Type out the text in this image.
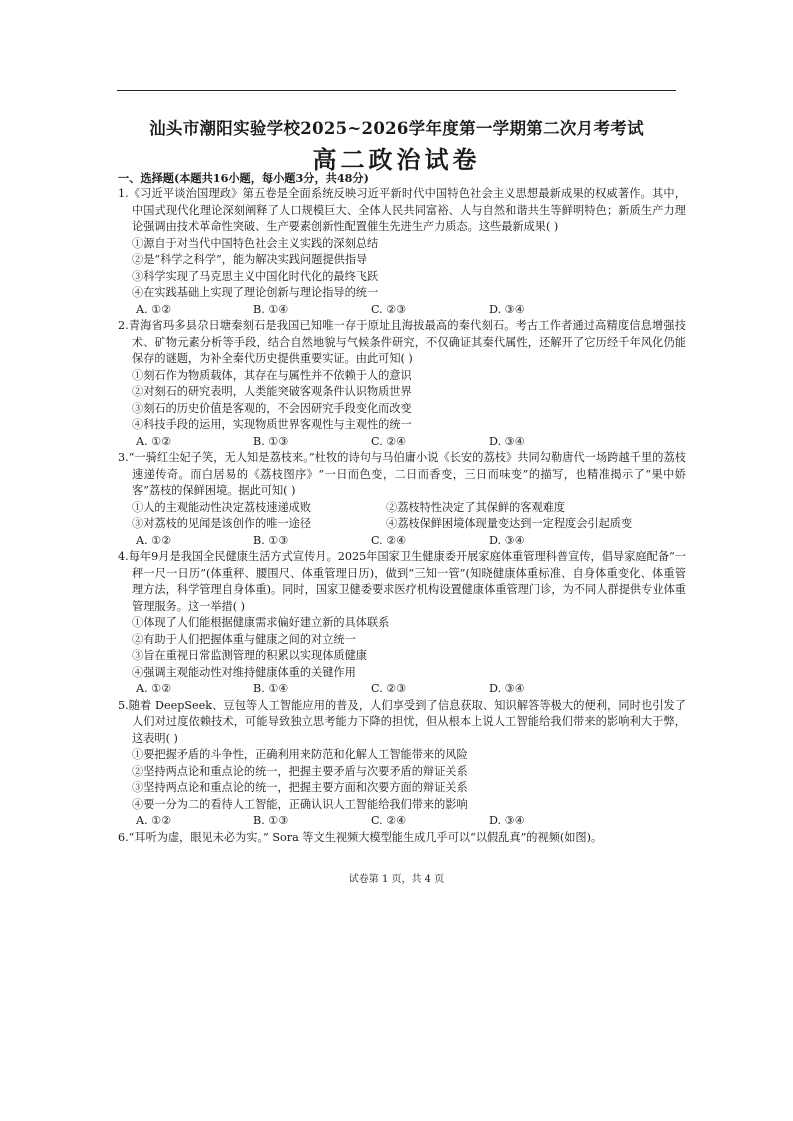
汕头市潮阳实验学校2025~2026学年度第一学期第二次月考考试
高二政治试卷
一、选择题(本题共16小题，每小题3分，共48分)
1.《习近平谈治国理政》第五卷是全面系统反映习近平新时代中国特色社会主义思想最新成果的权威著作。其中，中国式现代化理论深刻阐释了人口规模巨大、全体人民共同富裕、人与自然和谐共生等鲜明特色；新质生产力理论强调由技术革命性突破、生产要素创新性配置催生先进生产力质态。这些最新成果( )
①源自于对当代中国特色社会主义实践的深刻总结
②是“科学之科学”，能为解决实践问题提供指导
③科学实现了马克思主义中国化时代化的最终飞跃
④在实践基础上实现了理论创新与理论指导的统一
A. ①②	B. ①④	C. ②③	D. ③④
2.青海省玛多县尕日塘秦刻石是我国已知唯一存于原址且海拔最高的秦代刻石。考古工作者通过高精度信息增强技术、矿物元素分析等手段，结合自然地貌与气候条件研究，不仅确证其秦代属性，还解开了它历经千年风化仍能保存的谜题，为补全秦代历史提供重要实证。由此可知( )
①刻石作为物质载体，其存在与属性并不依赖于人的意识
②对刻石的研究表明，人类能突破客观条件认识物质世界
③刻石的历史价值是客观的，不会因研究手段变化而改变
④科技手段的运用，实现物质世界客观性与主观性的统一
A. ①②	B. ①③	C. ②④	D. ③④
3.“一骑红尘妃子笑，无人知是荔枝来。”杜牧的诗句与马伯庸小说《长安的荔枝》共同勾勒唐代一场跨越千里的荔枝速递传奇。而白居易的《荔枝图序》“一日而色变，二日而香变，三日而味变”的描写，也精准揭示了“果中娇客”荔枝的保鲜困境。据此可知( )
①人的主观能动性决定荔枝速递成败	②荔枝特性决定了其保鲜的客观难度
③对荔枝的见闻是该创作的唯一途径	④荔枝保鲜困境体现量变达到一定程度会引起质变
A. ①②	B. ①③	C. ②④	D. ③④
4.每年9月是我国全民健康生活方式宣传月。2025年国家卫生健康委开展家庭体重管理科普宣传，倡导家庭配备“一秤一尺一日历”(体重秤、腰围尺、体重管理日历)，做到“三知一管”(知晓健康体重标准、自身体重变化、体重管理方法，科学管理自身体重)。同时，国家卫健委要求医疗机构设置健康体重管理门诊，为不同人群提供专业体重管理服务。这一举措( )
①体现了人们能根据健康需求偏好建立新的具体联系
②有助于人们把握体重与健康之间的对立统一
③旨在重视日常监测管理的积累以实现体质健康
④强调主观能动性对维持健康体重的关键作用
A. ①②	B. ①④	C. ②③	D. ③④
5.随着 DeepSeek、豆包等人工智能应用的普及，人们享受到了信息获取、知识解答等极大的便利，同时也引发了人们对过度依赖技术，可能导致独立思考能力下降的担忧，但从根本上说人工智能给我们带来的影响利大于弊，这表明( )
①要把握矛盾的斗争性，正确利用来防范和化解人工智能带来的风险
②坚持两点论和重点论的统一，把握主要矛盾与次要矛盾的辩证关系
③坚持两点论和重点论的统一，把握主要方面和次要方面的辩证关系
④要一分为二的看待人工智能，正确认识人工智能给我们带来的影响
A. ①②	B. ①③	C. ②④	D. ③④
6.“耳听为虚，眼见未必为实。” Sora 等文生视频大模型能生成几乎可以“以假乱真”的视频(如图)。
试卷第 1 页，共 4 页
